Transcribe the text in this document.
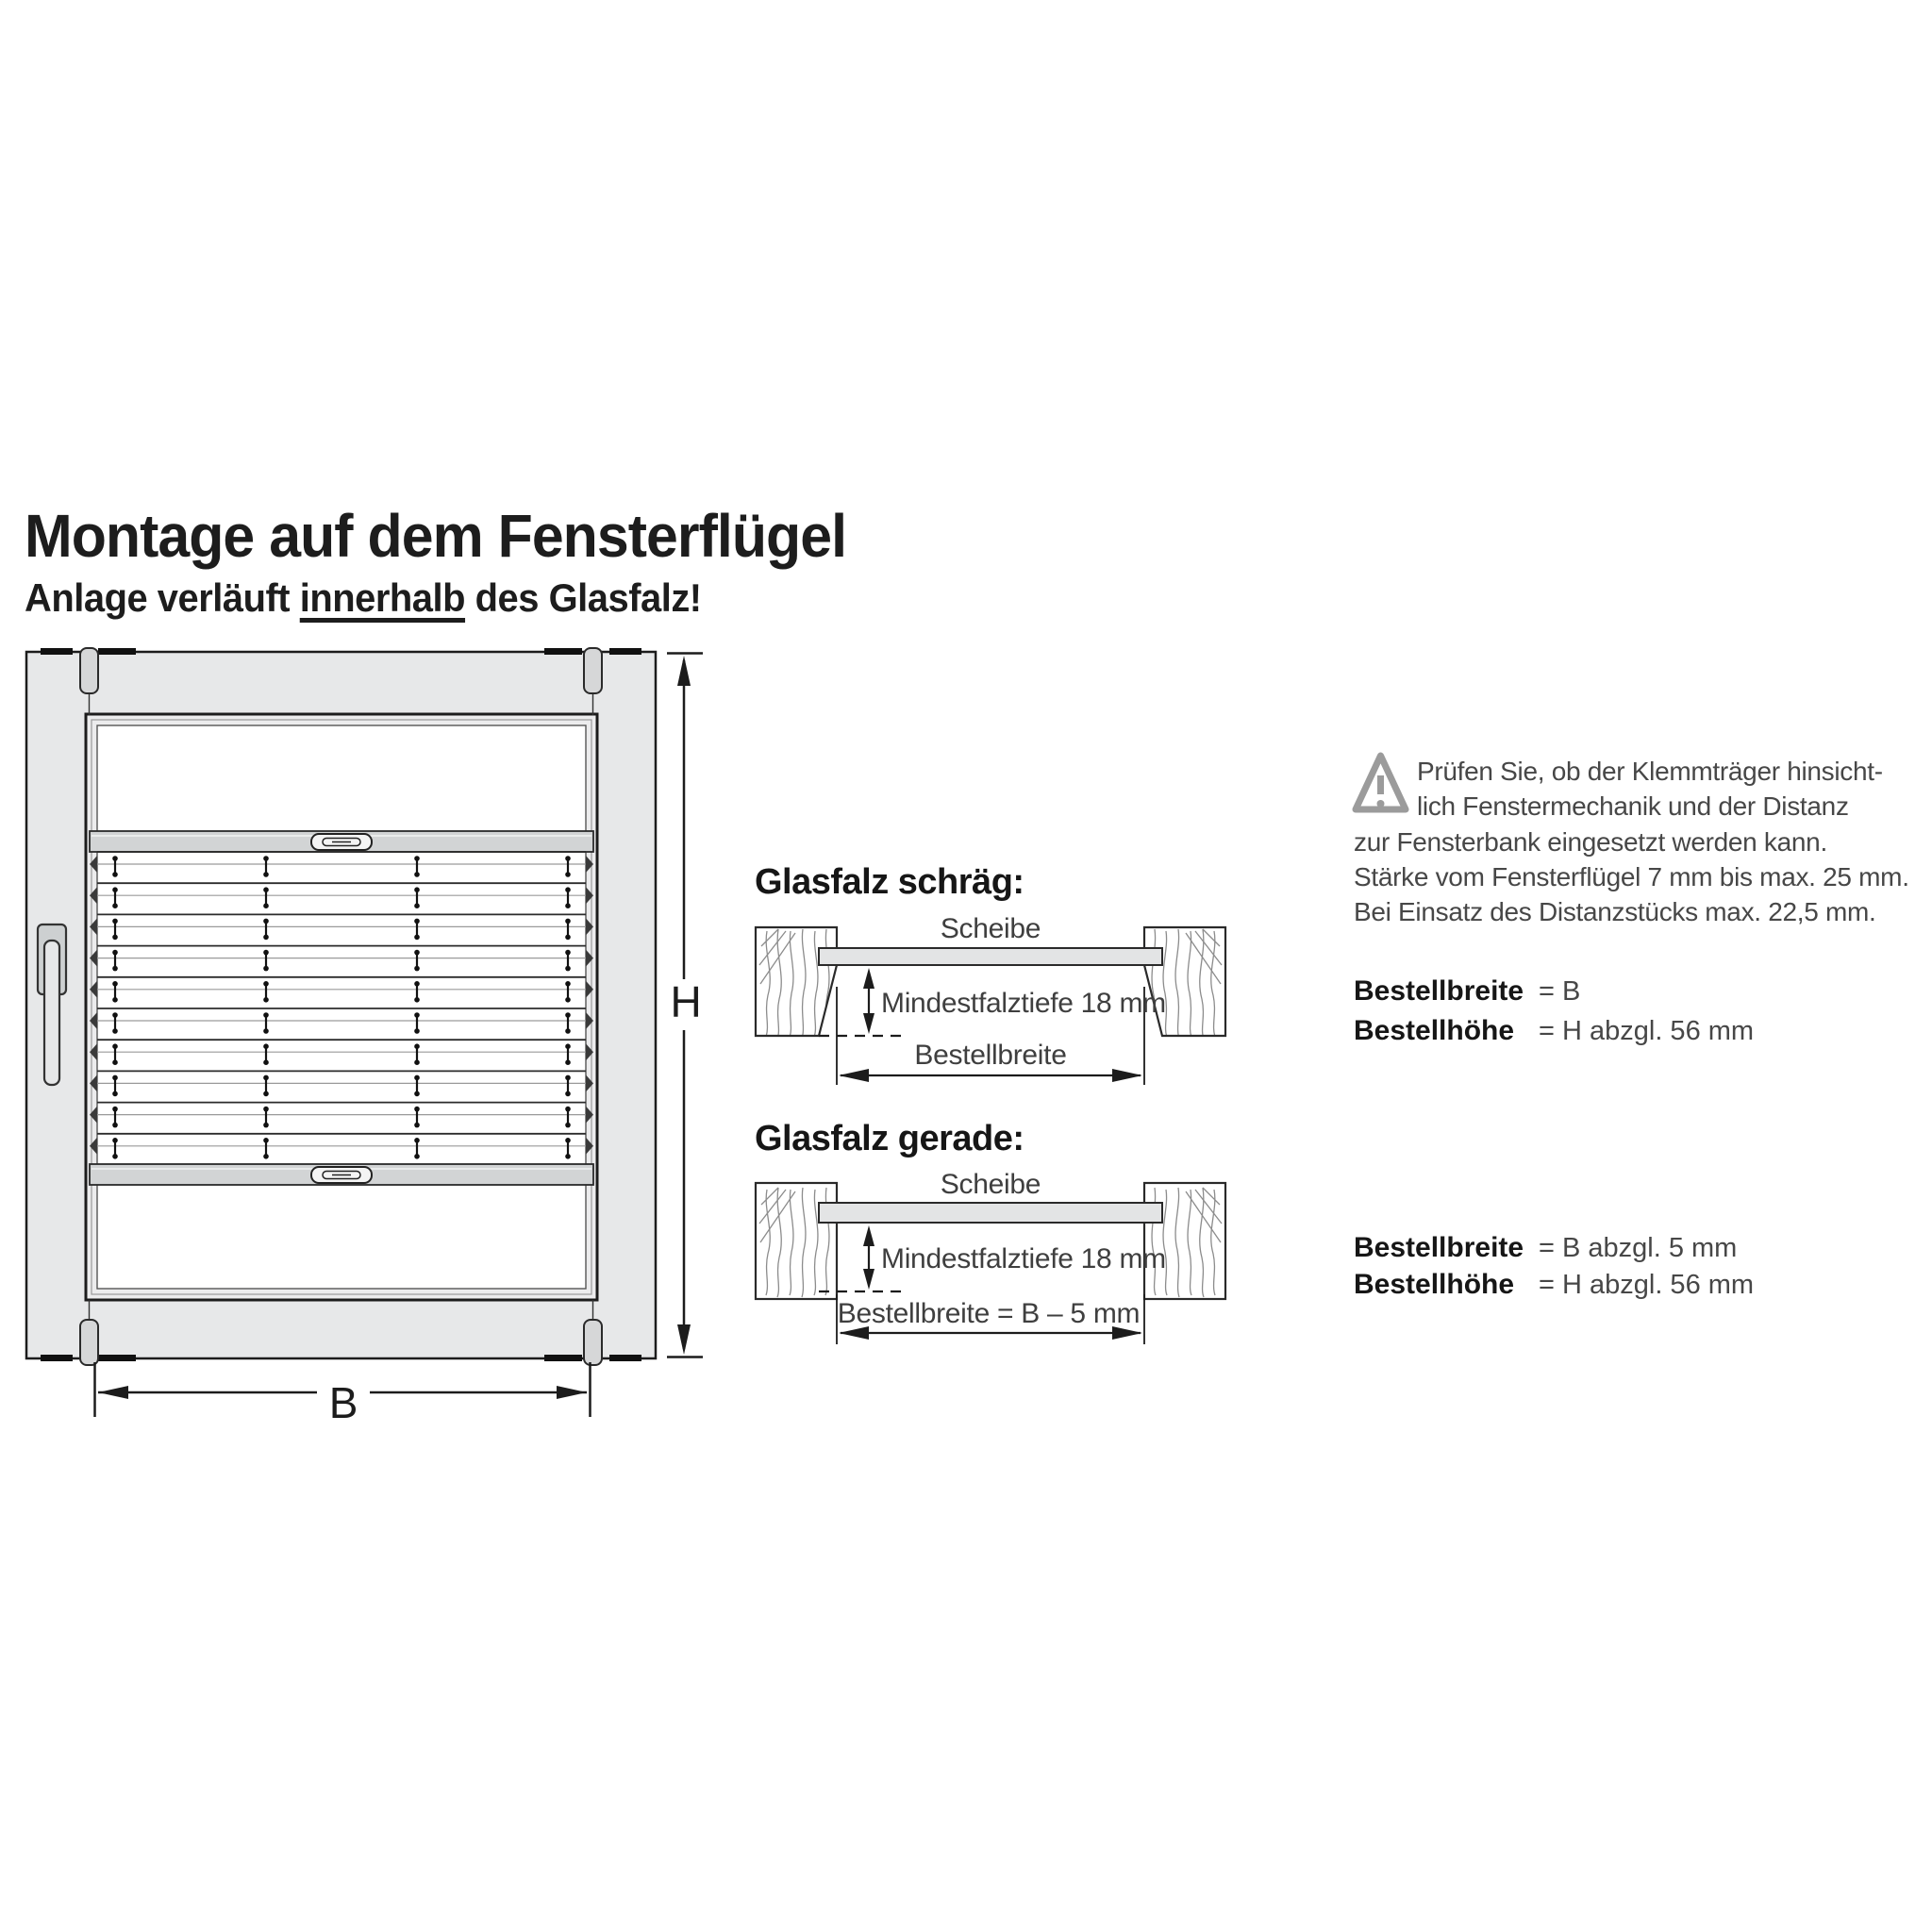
Montage auf dem Fensterflügel
Anlage verläuft innerhalb des Glasfalz!
H
B
Glasfalz schräg:
Scheibe
Mindestfalztiefe 18 mm
Bestellbreite
Glasfalz gerade:
Scheibe
Mindestfalztiefe 18 mm
Bestellbreite = B – 5 mm
Prüfen Sie, ob der Klemmträger hinsicht-
lich Fenstermechanik und der Distanz
zur Fensterbank eingesetzt werden kann.
Stärke vom Fensterflügel 7 mm bis max. 25 mm.
Bei Einsatz des Distanzstücks max. 22,5 mm.
Bestellbreite = B
Bestellhöhe = H abzgl. 56 mm
Bestellbreite = B abzgl. 5 mm
Bestellhöhe = H abzgl. 56 mm
